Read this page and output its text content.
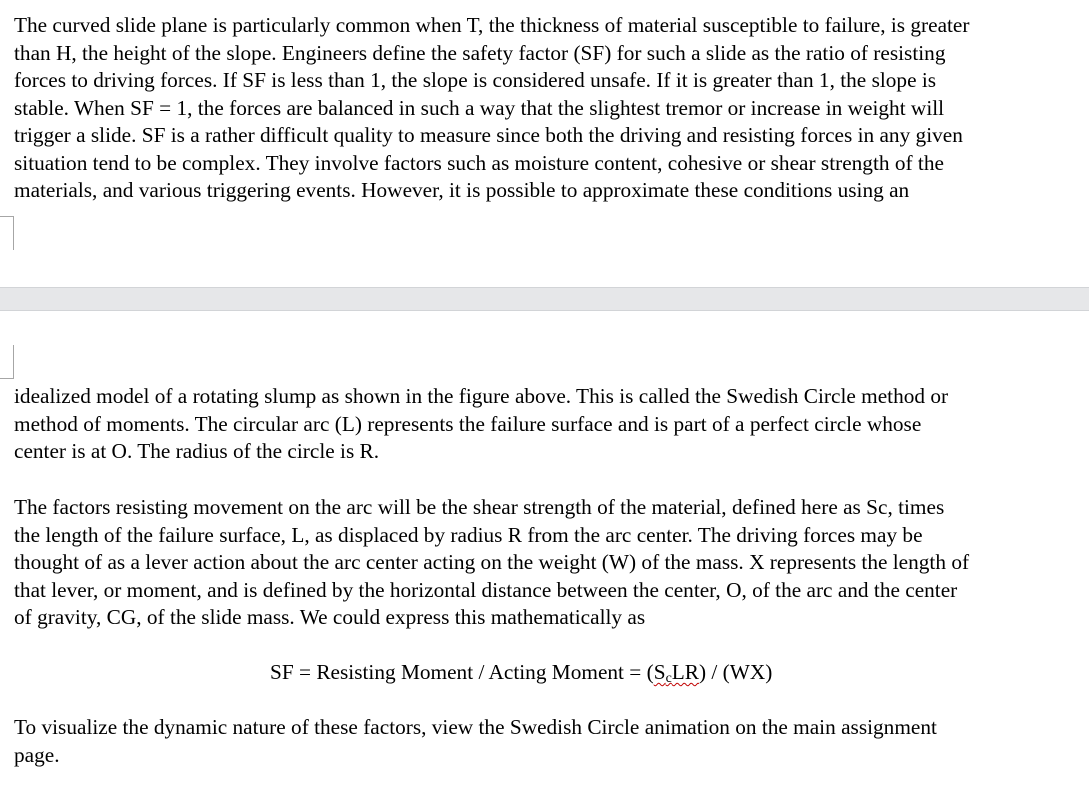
The curved slide plane is particularly common when T, the thickness of material susceptible to failure, is greater
than H, the height of the slope. Engineers define the safety factor (SF) for such a slide as the ratio of resisting
forces to driving forces. If SF is less than 1, the slope is considered unsafe. If it is greater than 1, the slope is
stable. When SF = 1, the forces are balanced in such a way that the slightest tremor or increase in weight will
trigger a slide. SF is a rather difficult quality to measure since both the driving and resisting forces in any given
situation tend to be complex. They involve factors such as moisture content, cohesive or shear strength of the
materials, and various triggering events. However, it is possible to approximate these conditions using an

idealized model of a rotating slump as shown in the figure above. This is called the Swedish Circle method or
method of moments. The circular arc (L) represents the failure surface and is part of a perfect circle whose
center is at O. The radius of the circle is R.

The factors resisting movement on the arc will be the shear strength of the material, defined here as Sc, times
the length of the failure surface, L, as displaced by radius R from the arc center. The driving forces may be
thought of as a lever action about the arc center acting on the weight (W) of the mass. X represents the length of
that lever, or moment, and is defined by the horizontal distance between the center, O, of the arc and the center
of gravity, CG, of the slide mass. We could express this mathematically as

SF = Resisting Moment / Acting Moment = $(S_cLR) / (WX)$

To visualize the dynamic nature of these factors, view the Swedish Circle animation on the main assignment
page.
